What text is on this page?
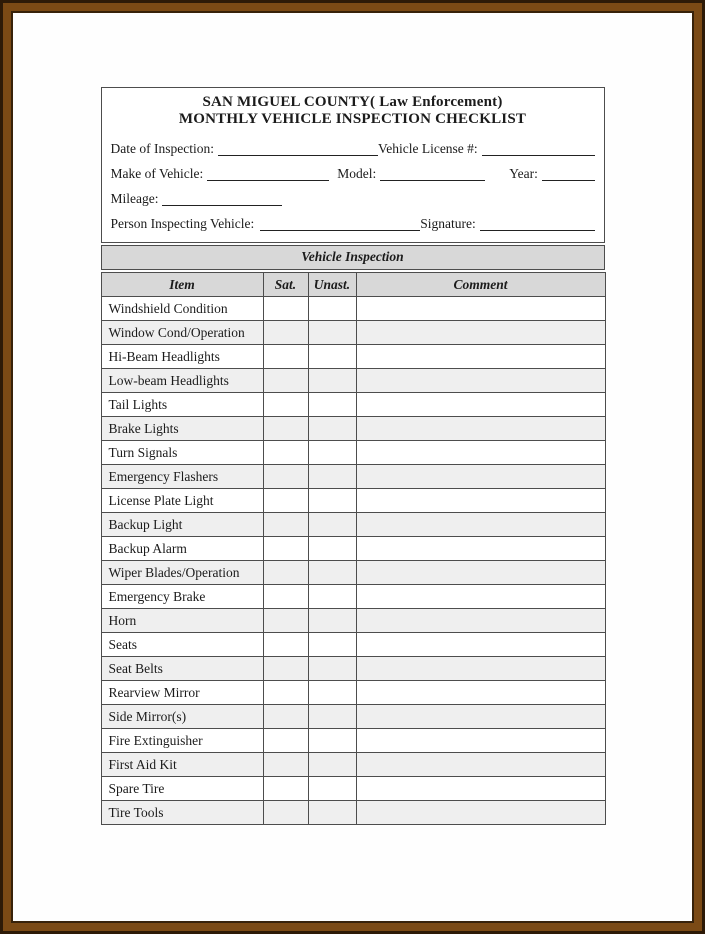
SAN MIGUEL COUNTY( Law Enforcement)
MONTHLY VEHICLE INSPECTION CHECKLIST
Date of Inspection:	Vehicle License #:
Make of Vehicle:	Model:	Year:
Mileage:
Person Inspecting Vehicle:	Signature:
Vehicle Inspection
Item	Sat.	Unast.	Comment
Windshield Condition			
Window Cond/Operation			
Hi-Beam Headlights			
Low-beam Headlights			
Tail Lights			
Brake Lights			
Turn Signals			
Emergency Flashers			
License Plate Light			
Backup Light			
Backup Alarm			
Wiper Blades/Operation			
Emergency Brake			
Horn			
Seats			
Seat Belts			
Rearview Mirror			
Side Mirror(s)			
Fire Extinguisher			
First Aid Kit			
Spare Tire			
Tire Tools			
